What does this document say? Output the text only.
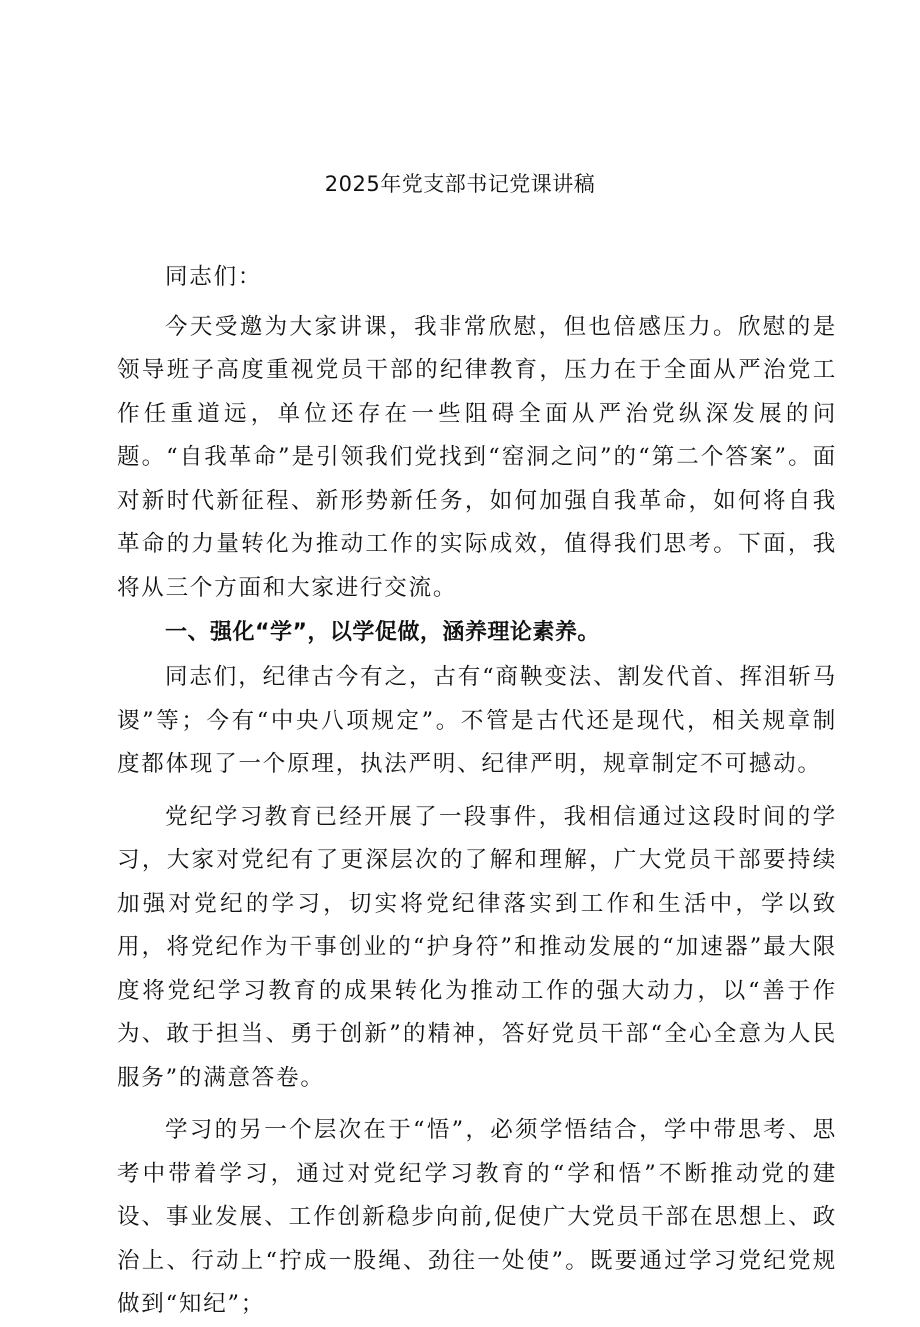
2025年党支部书记党课讲稿

同志们：

今天受邀为大家讲课，我非常欣慰，但也倍感压力。欣慰的是领导班子高度重视党员干部的纪律教育，压力在于全面从严治党工作任重道远，单位还存在一些阻碍全面从严治党纵深发展的问题。“自我革命”是引领我们党找到“窑洞之问”的“第二个答案”。面对新时代新征程、新形势新任务，如何加强自我革命，如何将自我革命的力量转化为推动工作的实际成效，值得我们思考。下面，我将从三个方面和大家进行交流。

一、强化“学”，以学促做，涵养理论素养。

同志们，纪律古今有之，古有“商鞅变法、割发代首、挥泪斩马谡”等；今有“中央八项规定”。不管是古代还是现代，相关规章制度都体现了一个原理，执法严明、纪律严明，规章制定不可撼动。

党纪学习教育已经开展了一段事件，我相信通过这段时间的学习，大家对党纪有了更深层次的了解和理解，广大党员干部要持续加强对党纪的学习，切实将党纪律落实到工作和生活中，学以致用，将党纪作为干事创业的“护身符”和推动发展的“加速器”最大限度将党纪学习教育的成果转化为推动工作的强大动力，以“善于作为、敢于担当、勇于创新”的精神，答好党员干部“全心全意为人民服务”的满意答卷。

学习的另一个层次在于“悟”，必须学悟结合，学中带思考、思考中带着学习，通过对党纪学习教育的“学和悟”不断推动党的建设、事业发展、工作创新稳步向前,促使广大党员干部在思想上、政治上、行动上“拧成一股绳、劲往一处使”。既要通过学习党纪党规做到“知纪”；
